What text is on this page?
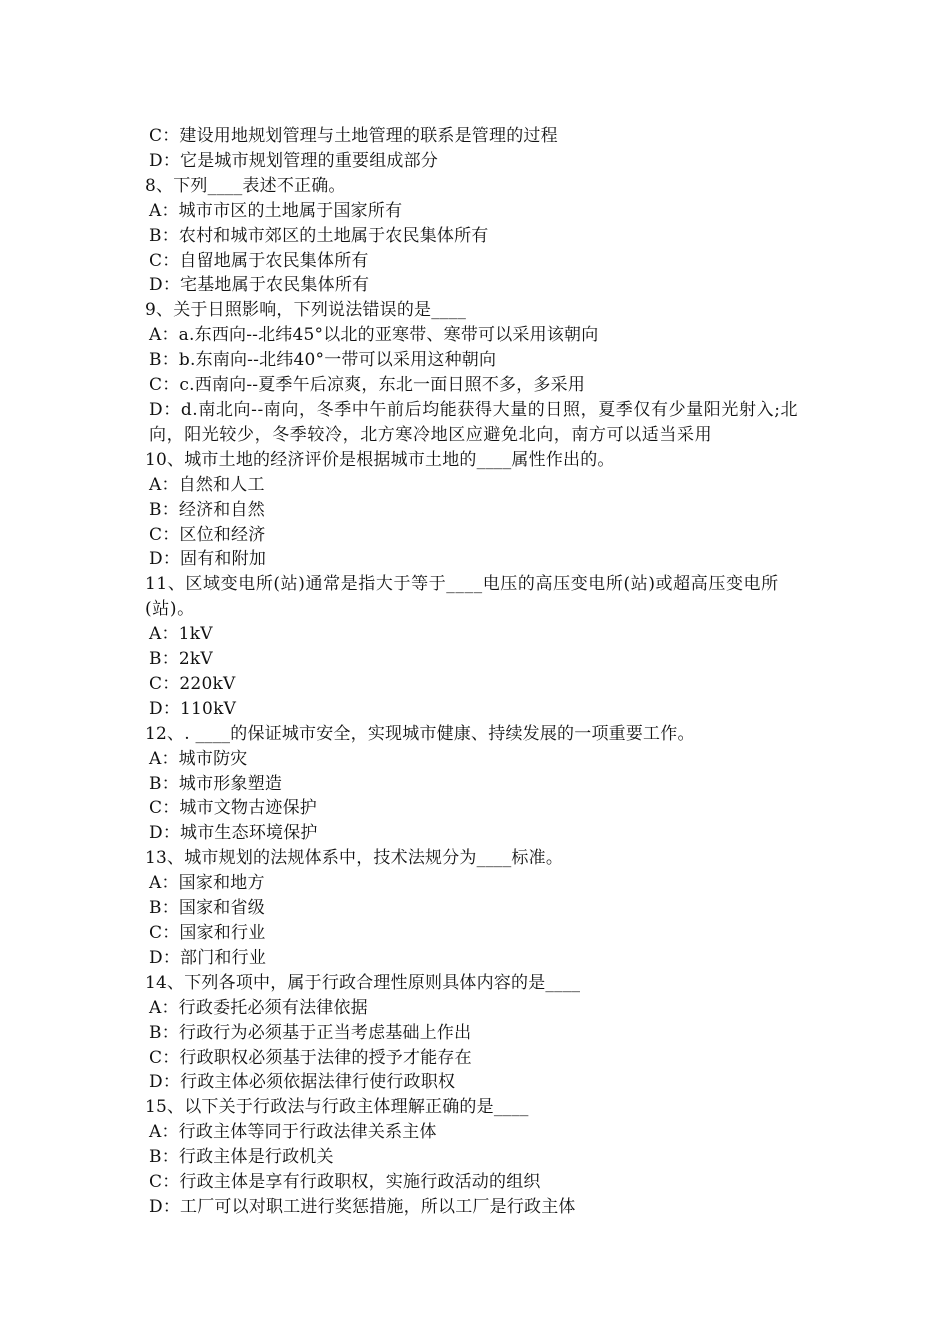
C：建设用地规划管理与土地管理的联系是管理的过程
D：它是城市规划管理的重要组成部分
8、下列____表述不正确。
A：城市市区的土地属于国家所有
B：农村和城市郊区的土地属于农民集体所有
C：自留地属于农民集体所有
D：宅基地属于农民集体所有
9、关于日照影响，下列说法错误的是____
A：a.东西向--北纬45°以北的亚寒带、寒带可以采用该朝向
B：b.东南向--北纬40°一带可以采用这种朝向
C：c.西南向--夏季午后凉爽，东北一面日照不多，多采用
D：d.南北向--南向，冬季中午前后均能获得大量的日照，夏季仅有少量阳光射入;北向，阳光较少，冬季较冷，北方寒冷地区应避免北向，南方可以适当采用
10、城市土地的经济评价是根据城市土地的____属性作出的。
A：自然和人工
B：经济和自然
C：区位和经济
D：固有和附加
11、区域变电所(站)通常是指大于等于____电压的高压变电所(站)或超高压变电所(站)。
A：1kV
B：2kV
C：220kV
D：110kV
12、. ____的保证城市安全，实现城市健康、持续发展的一项重要工作。
A：城市防灾
B：城市形象塑造
C：城市文物古迹保护
D：城市生态环境保护
13、城市规划的法规体系中，技术法规分为____标准。
A：国家和地方
B：国家和省级
C：国家和行业
D：部门和行业
14、下列各项中，属于行政合理性原则具体内容的是____
A：行政委托必须有法律依据
B：行政行为必须基于正当考虑基础上作出
C：行政职权必须基于法律的授予才能存在
D：行政主体必须依据法律行使行政职权
15、以下关于行政法与行政主体理解正确的是____
A：行政主体等同于行政法律关系主体
B：行政主体是行政机关
C：行政主体是享有行政职权，实施行政活动的组织
D：工厂可以对职工进行奖惩措施，所以工厂是行政主体
